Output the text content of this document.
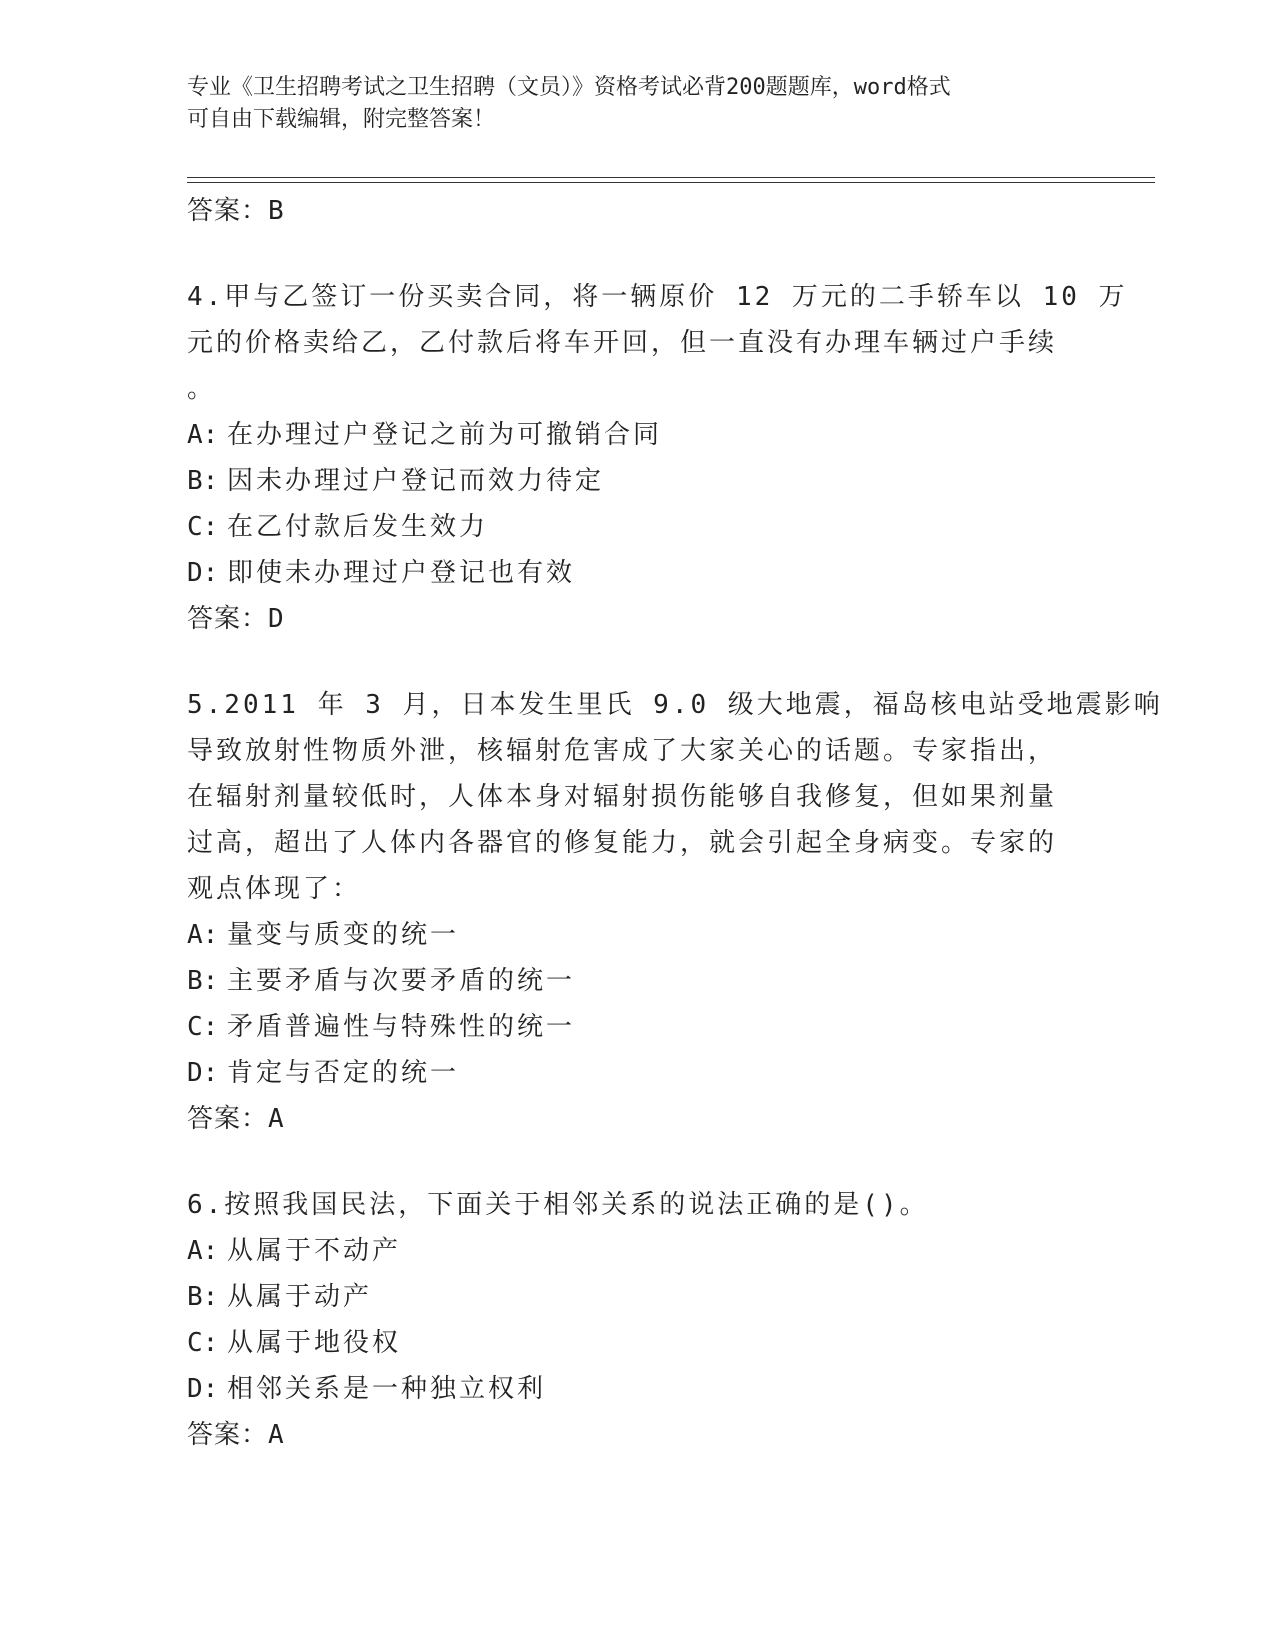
专业《卫生招聘考试之卫生招聘（文员）》资格考试必背200题题库，word格式
可自由下载编辑，附完整答案！
答案：B
4.甲与乙签订一份买卖合同，将一辆原价 12 万元的二手轿车以 10 万
元的价格卖给乙，乙付款后将车开回，但一直没有办理车辆过户手续
。
A: 在办理过户登记之前为可撤销合同
B: 因未办理过户登记而效力待定
C: 在乙付款后发生效力
D: 即使未办理过户登记也有效
答案：D
5.2011 年 3 月，日本发生里氏 9.0 级大地震，福岛核电站受地震影响
导致放射性物质外泄，核辐射危害成了大家关心的话题。专家指出，
在辐射剂量较低时，人体本身对辐射损伤能够自我修复，但如果剂量
过高，超出了人体内各器官的修复能力，就会引起全身病变。专家的
观点体现了：
A: 量变与质变的统一
B: 主要矛盾与次要矛盾的统一
C: 矛盾普遍性与特殊性的统一
D: 肯定与否定的统一
答案：A
6.按照我国民法，下面关于相邻关系的说法正确的是()。
A: 从属于不动产
B: 从属于动产
C: 从属于地役权
D: 相邻关系是一种独立权利
答案：A
